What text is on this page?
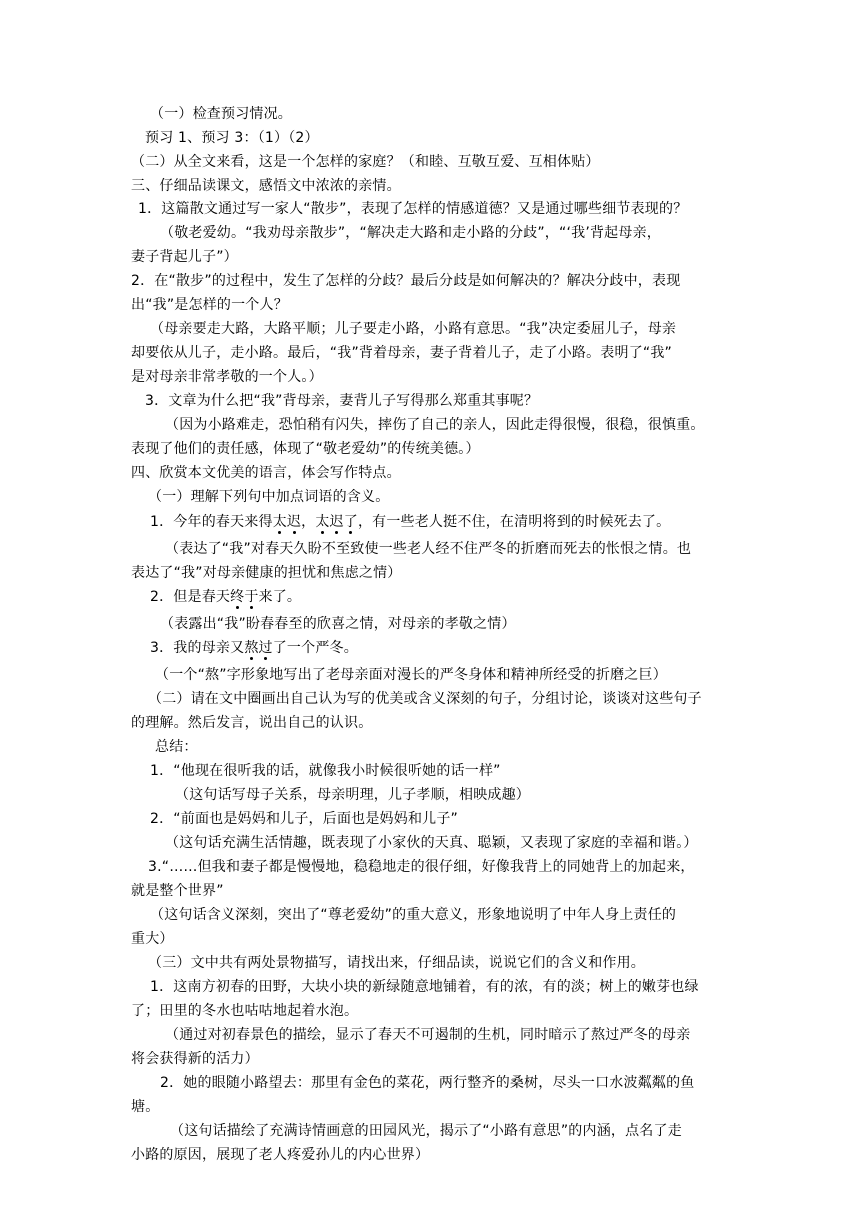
（一）检查预习情况。
预习 1、预习 3：（1）（2）
（二）从全文来看，这是一个怎样的家庭？（和睦、互敬互爱、互相体贴）
三、仔细品读课文，感悟文中浓浓的亲情。
1．这篇散文通过写一家人“散步”，表现了怎样的情感道德？又是通过哪些细节表现的？
（敬老爱幼。“我劝母亲散步”，“解决走大路和走小路的分歧”，“‘我’背起母亲，
妻子背起儿子”）
2．在“散步”的过程中，发生了怎样的分歧？最后分歧是如何解决的？解决分歧中，表现
出“我”是怎样的一个人？
（母亲要走大路，大路平顺；儿子要走小路，小路有意思。“我”决定委屈儿子，母亲
却要依从儿子，走小路。最后，“我”背着母亲，妻子背着儿子，走了小路。表明了“我”
是对母亲非常孝敬的一个人。）
3．文章为什么把“我”背母亲，妻背儿子写得那么郑重其事呢？
（因为小路难走，恐怕稍有闪失，摔伤了自己的亲人，因此走得很慢，很稳，很慎重。
表现了他们的责任感，体现了“敬老爱幼”的传统美德。）
四、欣赏本文优美的语言，体会写作特点。
（一）理解下列句中加点词语的含义。
1．今年的春天来得太迟，太迟了，有一些老人挺不住，在清明将到的时候死去了。
（表达了“我”对春天久盼不至致使一些老人经不住严冬的折磨而死去的怅恨之情。也
表达了“我”对母亲健康的担忧和焦虑之情）
2．但是春天终于来了。
（表露出“我”盼春春至的欣喜之情，对母亲的孝敬之情）
3．我的母亲又熬过了一个严冬。
（一个“熬”字形象地写出了老母亲面对漫长的严冬身体和精神所经受的折磨之巨）
（二）请在文中圈画出自己认为写的优美或含义深刻的句子，分组讨论，谈谈对这些句子
的理解。然后发言，说出自己的认识。
总结：
1．“他现在很听我的话，就像我小时候很听她的话一样”
（这句话写母子关系，母亲明理，儿子孝顺，相映成趣）
2．“前面也是妈妈和儿子，后面也是妈妈和儿子”
（这句话充满生活情趣，既表现了小家伙的天真、聪颖，又表现了家庭的幸福和谐。）
3.“……但我和妻子都是慢慢地，稳稳地走的很仔细，好像我背上的同她背上的加起来，
就是整个世界”
（这句话含义深刻，突出了“尊老爱幼”的重大意义，形象地说明了中年人身上责任的
重大）
（三）文中共有两处景物描写，请找出来，仔细品读，说说它们的含义和作用。
1．这南方初春的田野，大块小块的新绿随意地铺着，有的浓，有的淡；树上的嫩芽也绿
了；田里的冬水也咕咕地起着水泡。
（通过对初春景色的描绘，显示了春天不可遏制的生机，同时暗示了熬过严冬的母亲
将会获得新的活力）
2．她的眼随小路望去：那里有金色的菜花，两行整齐的桑树，尽头一口水波粼粼的鱼
塘。
（这句话描绘了充满诗情画意的田园风光，揭示了“小路有意思”的内涵，点名了走
小路的原因，展现了老人疼爱孙儿的内心世界）
